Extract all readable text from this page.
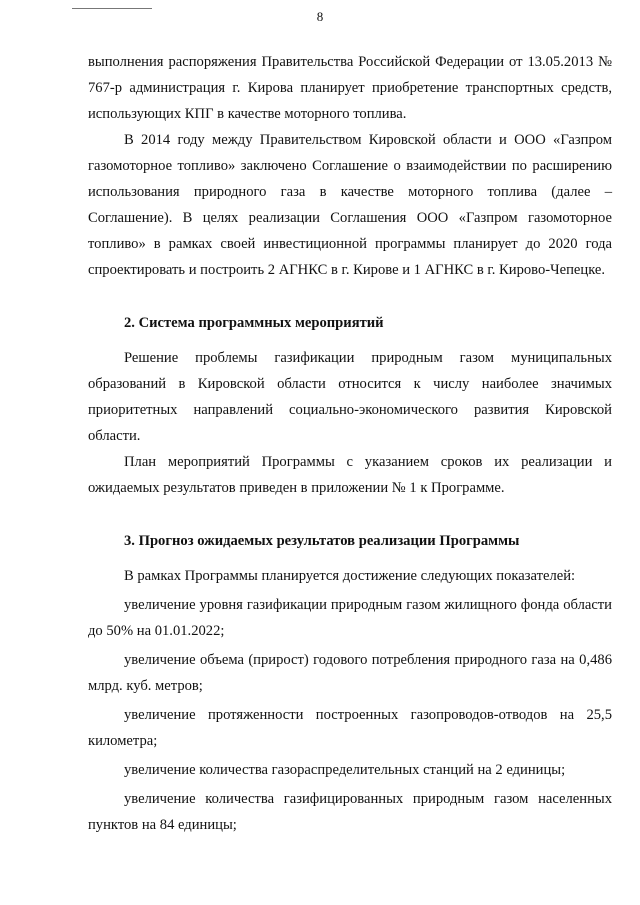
8

выполнения распоряжения Правительства Российской Федерации от 13.05.2013 № 767-р администрация г. Кирова планирует приобретение транспортных средств, использующих КПГ в качестве моторного топлива.

В 2014 году между Правительством Кировской области и ООО «Газпром газомоторное топливо» заключено Соглашение о взаимодействии по расширению использования природного газа в качестве моторного топлива (далее – Соглашение). В целях реализации Соглашения ООО «Газпром газомоторное топливо» в рамках своей инвестиционной программы планирует до 2020 года спроектировать и построить 2 АГНКС в г. Кирове и 1 АГНКС в г. Кирово-Чепецке.

2. Система программных мероприятий

Решение проблемы газификации природным газом муниципальных образований в Кировской области относится к числу наиболее значимых приоритетных направлений социально-экономического развития Кировской области.

План мероприятий Программы с указанием сроков их реализации и ожидаемых результатов приведен в приложении № 1 к Программе.

3. Прогноз ожидаемых результатов реализации Программы

В рамках Программы планируется достижение следующих показателей:

увеличение уровня газификации природным газом жилищного фонда области до 50% на 01.01.2022;

увеличение объема (прирост) годового потребления природного газа на 0,486 млрд. куб. метров;

увеличение протяженности построенных газопроводов-отводов на 25,5 километра;

увеличение количества газораспределительных станций на 2 единицы;

увеличение количества газифицированных природным газом населенных пунктов на 84 единицы;
